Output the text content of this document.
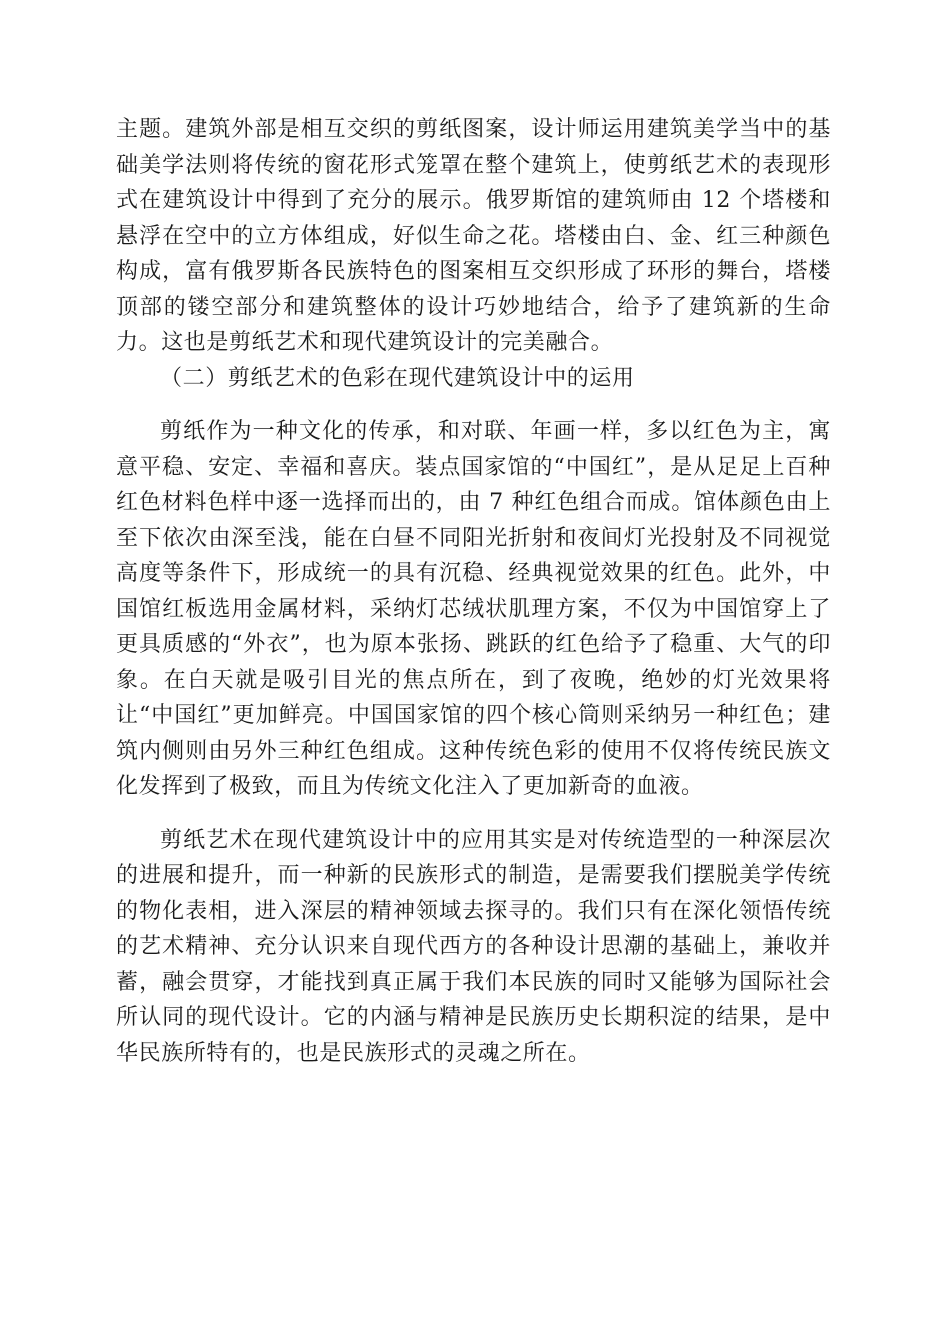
主题。建筑外部是相互交织的剪纸图案，设计师运用建筑美学当中的基础美学法则将传统的窗花形式笼罩在整个建筑上，使剪纸艺术的表现形式在建筑设计中得到了充分的展示。俄罗斯馆的建筑师由 12 个塔楼和悬浮在空中的立方体组成，好似生命之花。塔楼由白、金、红三种颜色构成，富有俄罗斯各民族特色的图案相互交织形成了环形的舞台，塔楼顶部的镂空部分和建筑整体的设计巧妙地结合，给予了建筑新的生命力。这也是剪纸艺术和现代建筑设计的完美融合。

（二）剪纸艺术的色彩在现代建筑设计中的运用

剪纸作为一种文化的传承，和对联、年画一样，多以红色为主，寓意平稳、安定、幸福和喜庆。装点国家馆的“中国红”，是从足足上百种红色材料色样中逐一选择而出的，由 7 种红色组合而成。馆体颜色由上至下依次由深至浅，能在白昼不同阳光折射和夜间灯光投射及不同视觉高度等条件下，形成统一的具有沉稳、经典视觉效果的红色。此外，中国馆红板选用金属材料，采纳灯芯绒状肌理方案，不仅为中国馆穿上了更具质感的“外衣”，也为原本张扬、跳跃的红色给予了稳重、大气的印象。在白天就是吸引目光的焦点所在，到了夜晚，绝妙的灯光效果将让“中国红”更加鲜亮。中国国家馆的四个核心筒则采纳另一种红色；建筑内侧则由另外三种红色组成。这种传统色彩的使用不仅将传统民族文化发挥到了极致，而且为传统文化注入了更加新奇的血液。

剪纸艺术在现代建筑设计中的应用其实是对传统造型的一种深层次的进展和提升，而一种新的民族形式的制造，是需要我们摆脱美学传统的物化表相，进入深层的精神领域去探寻的。我们只有在深化领悟传统的艺术精神、充分认识来自现代西方的各种设计思潮的基础上，兼收并蓄，融会贯穿，才能找到真正属于我们本民族的同时又能够为国际社会所认同的现代设计。它的内涵与精神是民族历史长期积淀的结果，是中华民族所特有的，也是民族形式的灵魂之所在。
